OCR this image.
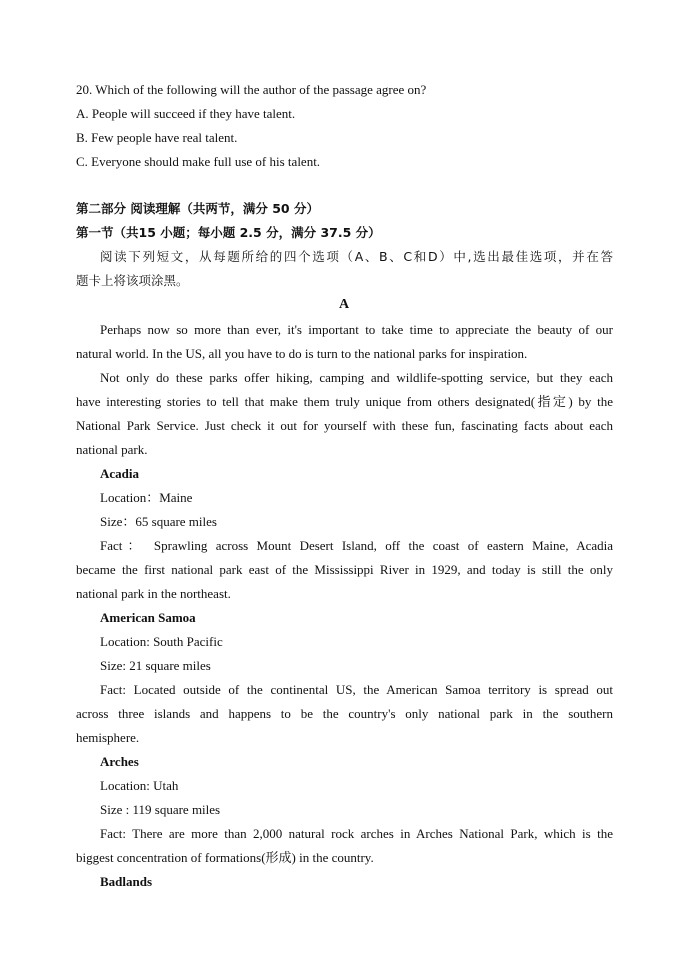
20. Which of the following will the author of the passage agree on?

A. People will succeed if they have talent.

B. Few people have real talent.

C. Everyone should make full use of his talent.

第二部分 阅读理解（共两节，满分 50 分）

第一节（共15 小题；每小题 2.5 分，满分 37.5 分）

阅读下列短文，从每题所给的四个选项（A、B、C和D）中,选出最佳选项，并在答

题卡上将该项涂黑。

A

Perhaps now so more than ever, it's important to take time to appreciate the beauty of our

natural world. In the US, all you have to do is turn to the national parks for inspiration.

Not only do these parks offer hiking, camping and wildlife-spotting service, but they each

have interesting stories to tell that make them truly unique from others designated(指定) by the

National Park Service. Just check it out for yourself with these fun, fascinating facts about each

national park.

Acadia

Location：Maine

Size：65 square miles

Fact： Sprawling across Mount Desert Island, off the coast of eastern Maine, Acadia

became the first national park east of the Mississippi River in 1929, and today is still the only

national park in the northeast.

American Samoa

Location: South Pacific

Size: 21 square miles

Fact: Located outside of the continental US, the American Samoa territory is spread out

across three islands and happens to be the country's only national park in the southern

hemisphere.

Arches

Location: Utah

Size : 119 square miles

Fact: There are more than 2,000 natural rock arches in Arches National Park, which is the

biggest concentration of formations(形成) in the country.

Badlands
